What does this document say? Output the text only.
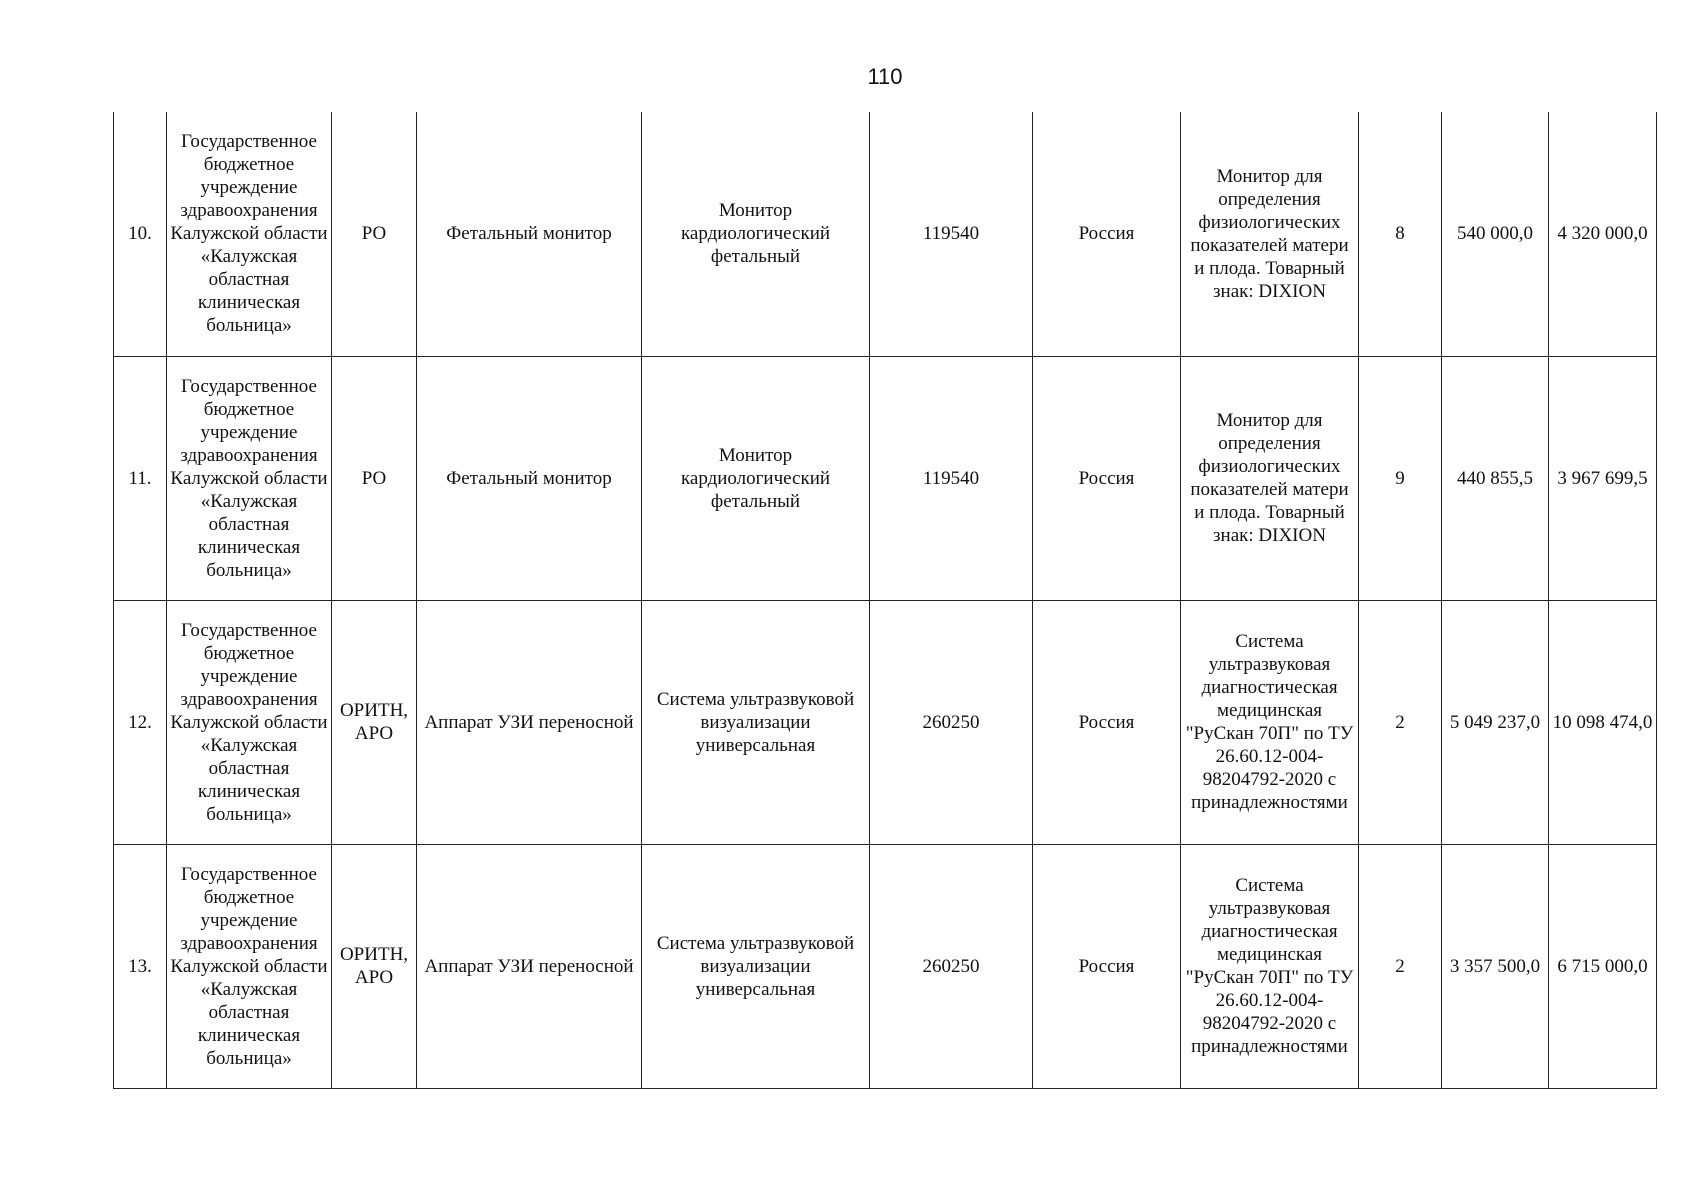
110
10.	Государственное бюджетное учреждение здравоохранения Калужской области «Калужская областная клиническая больница»	РО	Фетальный монитор	Монитор кардиологический фетальный	119540	Россия	Монитор для определения физиологических показателей матери и плода. Товарный знак: DIXION	8	540 000,0	4 320 000,0
11.	Государственное бюджетное учреждение здравоохранения Калужской области «Калужская областная клиническая больница»	РО	Фетальный монитор	Монитор кардиологический фетальный	119540	Россия	Монитор для определения физиологических показателей матери и плода. Товарный знак: DIXION	9	440 855,5	3 967 699,5
12.	Государственное бюджетное учреждение здравоохранения Калужской области «Калужская областная клиническая больница»	ОРИТН, АРО	Аппарат УЗИ переносной	Система ультразвуковой визуализации универсальная	260250	Россия	Система ультразвуковая диагностическая медицинская "РуСкан 70П" по ТУ 26.60.12-004-98204792-2020 с принадлежностями	2	5 049 237,0	10 098 474,0
13.	Государственное бюджетное учреждение здравоохранения Калужской области «Калужская областная клиническая больница»	ОРИТН, АРО	Аппарат УЗИ переносной	Система ультразвуковой визуализации универсальная	260250	Россия	Система ультразвуковая диагностическая медицинская "РуСкан 70П" по ТУ 26.60.12-004-98204792-2020 с принадлежностями	2	3 357 500,0	6 715 000,0
